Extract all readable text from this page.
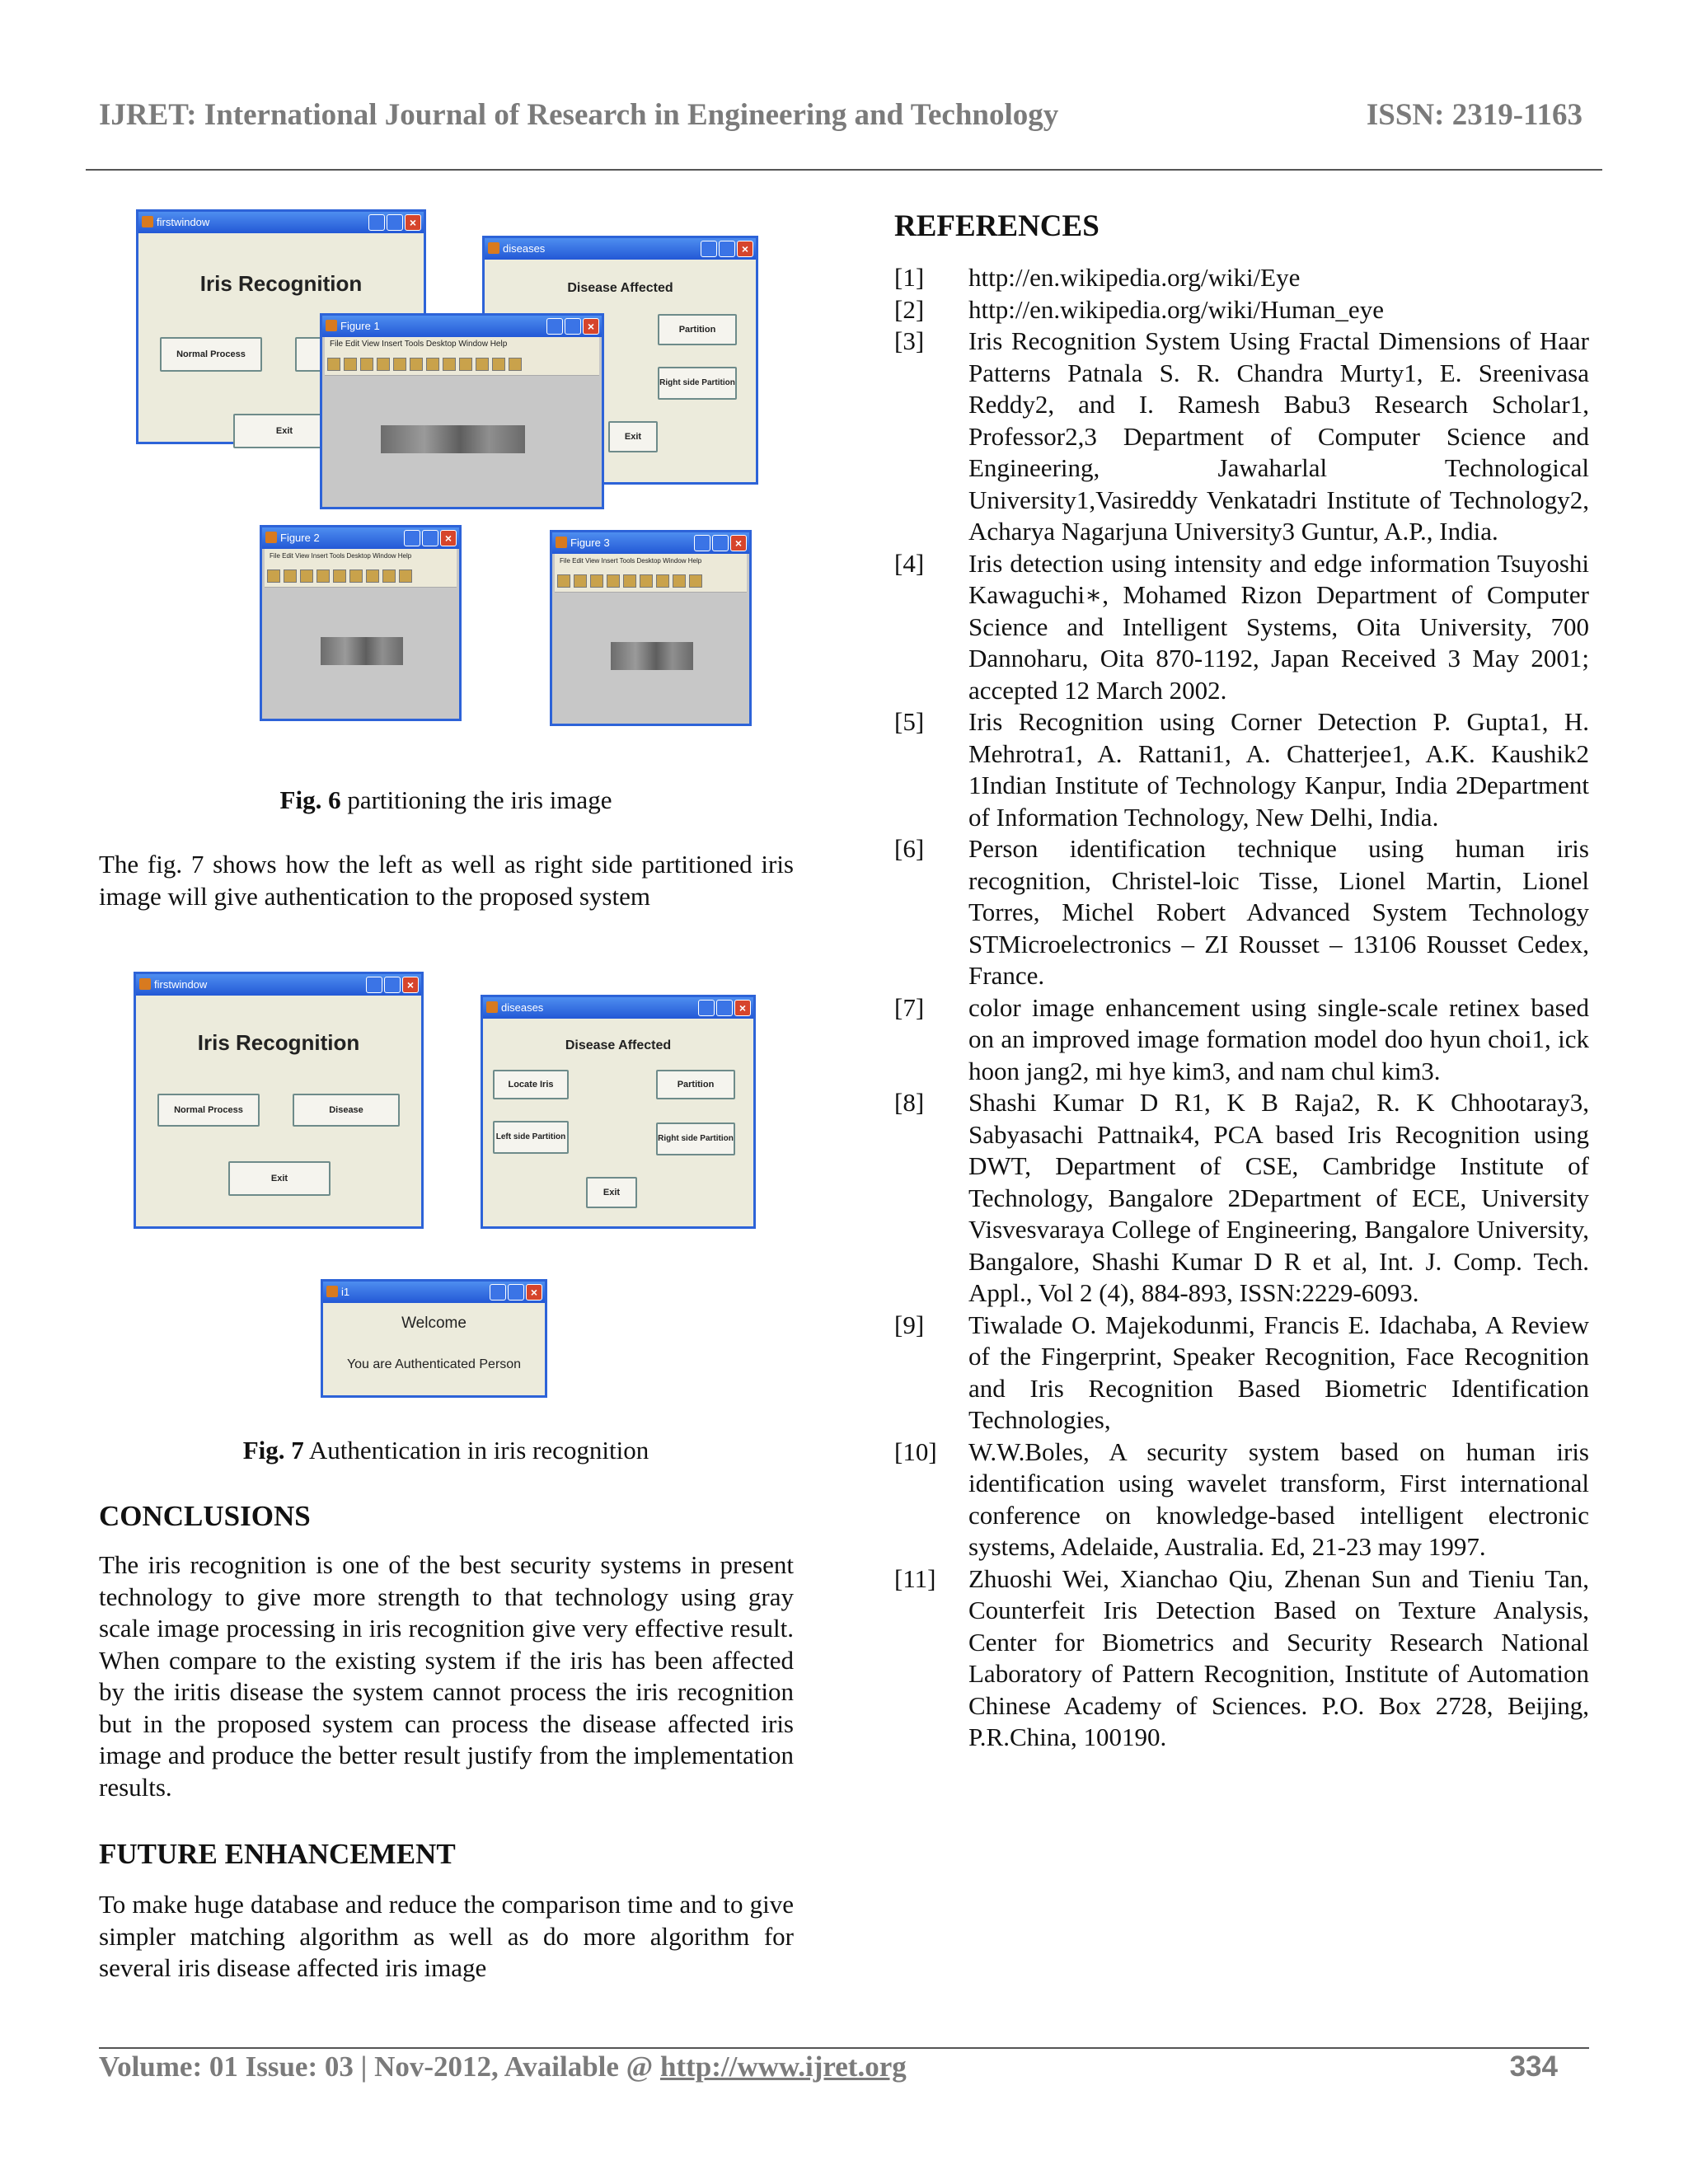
IJRET: International Journal of Research in Engineering and Technology	ISSN: 2319-1163
firstwindow	×
Iris Recognition
Normal Process
Exit
diseases	×
Disease Affected
Partition
Right side Partition
Exit
Figure 1	×
File Edit View Insert Tools Desktop Window Help
Figure 2	×
File Edit View Insert Tools Desktop Window Help
Figure 3	×
File Edit View Insert Tools Desktop Window Help
Fig. 6 partitioning the iris image
The fig. 7 shows how the left as well as right side partitioned iris image will give authentication to the proposed system
firstwindow	×
Iris Recognition
Normal Process	Disease
Exit
diseases	×
Disease Affected
Locate Iris	Partition
Left side Partition	Right side Partition
Exit
i1	×
Welcome
You are Authenticated Person
Fig. 7 Authentication in iris recognition
CONCLUSIONS
The iris recognition is one of the best security systems in present technology to give more strength to that technology using gray scale image processing in iris recognition give very effective result. When compare to the existing system if the iris has been affected by the iritis disease the system cannot process the iris recognition but in the proposed system can process the disease affected iris image and produce the better result justify from the implementation results.
FUTURE ENHANCEMENT
To make huge database and reduce the comparison time and to give simpler matching algorithm as well as do more algorithm for several iris disease affected iris image
REFERENCES
[1] http://en.wikipedia.org/wiki/Eye
[2] http://en.wikipedia.org/wiki/Human_eye
[3] Iris Recognition System Using Fractal Dimensions of Haar Patterns Patnala S. R. Chandra Murty1, E. Sreenivasa Reddy2, and I. Ramesh Babu3 Research Scholar1, Professor2,3 Department of Computer Science and Engineering, Jawaharlal Technological University1,Vasireddy Venkatadri Institute of Technology2, Acharya Nagarjuna University3 Guntur, A.P., India.
[4] Iris detection using intensity and edge information Tsuyoshi Kawaguchi∗, Mohamed Rizon Department of Computer Science and Intelligent Systems, Oita University, 700 Dannoharu, Oita 870-1192, Japan Received 3 May 2001; accepted 12 March 2002.
[5] Iris Recognition using Corner Detection P. Gupta1, H. Mehrotra1, A. Rattani1, A. Chatterjee1, A.K. Kaushik2 1Indian Institute of Technology Kanpur, India 2Department of Information Technology, New Delhi, India.
[6] Person identification technique using human iris recognition, Christel-loic Tisse, Lionel Martin, Lionel Torres, Michel Robert Advanced System Technology STMicroelectronics – ZI Rousset – 13106 Rousset Cedex, France.
[7] color image enhancement using single-scale retinex based on an improved image formation model doo hyun choi1, ick hoon jang2, mi hye kim3, and nam chul kim3.
[8] Shashi Kumar D R1, K B Raja2, R. K Chhootaray3, Sabyasachi Pattnaik4, PCA based Iris Recognition using DWT, Department of CSE, Cambridge Institute of Technology, Bangalore 2Department of ECE, University Visvesvaraya College of Engineering, Bangalore University, Bangalore, Shashi Kumar D R et al, Int. J. Comp. Tech. Appl., Vol 2 (4), 884-893, ISSN:2229-6093.
[9] Tiwalade O. Majekodunmi, Francis E. Idachaba, A Review of the Fingerprint, Speaker Recognition, Face Recognition and Iris Recognition Based Biometric Identification Technologies,
[10] W.W.Boles, A security system based on human iris identification using wavelet transform, First international conference on knowledge-based intelligent electronic systems, Adelaide, Australia. Ed, 21-23 may 1997.
[11] Zhuoshi Wei, Xianchao Qiu, Zhenan Sun and Tieniu Tan, Counterfeit Iris Detection Based on Texture Analysis, Center for Biometrics and Security Research National Laboratory of Pattern Recognition, Institute of Automation Chinese Academy of Sciences. P.O. Box 2728, Beijing, P.R.China, 100190.
Volume: 01 Issue: 03 | Nov-2012, Available @ http://www.ijret.org	334
